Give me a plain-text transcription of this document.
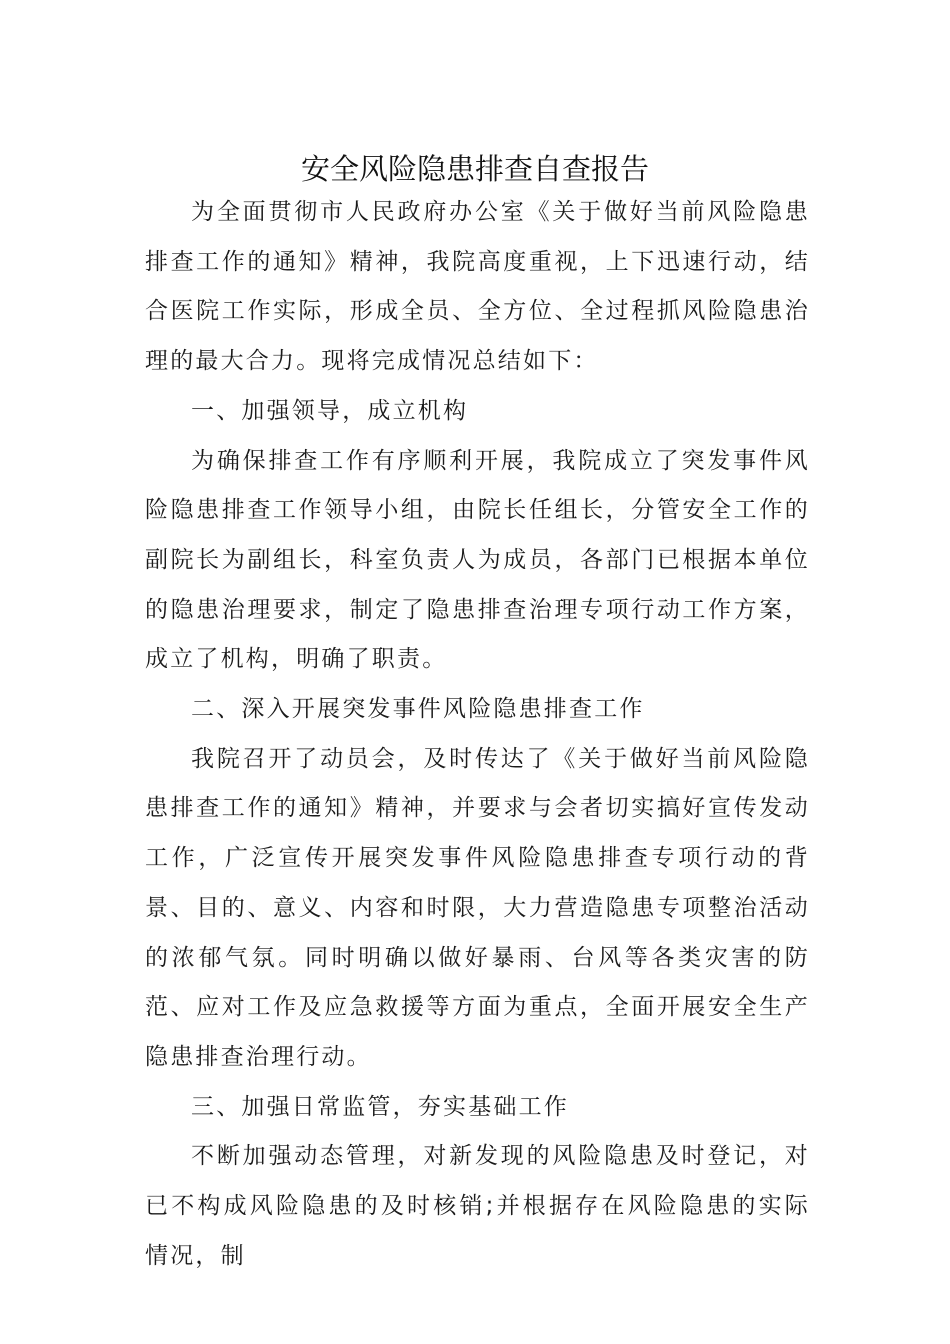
安全风险隐患排查自查报告

为全面贯彻市人民政府办公室《关于做好当前风险隐患排查工作的通知》精神，我院高度重视，上下迅速行动，结合医院工作实际，形成全员、全方位、全过程抓风险隐患治理的最大合力。现将完成情况总结如下：

一、加强领导，成立机构

为确保排查工作有序顺利开展，我院成立了突发事件风险隐患排查工作领导小组，由院长任组长，分管安全工作的副院长为副组长，科室负责人为成员，各部门已根据本单位的隐患治理要求，制定了隐患排查治理专项行动工作方案，成立了机构，明确了职责。

二、深入开展突发事件风险隐患排查工作

我院召开了动员会，及时传达了《关于做好当前风险隐患排查工作的通知》精神，并要求与会者切实搞好宣传发动工作，广泛宣传开展突发事件风险隐患排查专项行动的背景、目的、意义、内容和时限，大力营造隐患专项整治活动的浓郁气氛。同时明确以做好暴雨、台风等各类灾害的防范、应对工作及应急救援等方面为重点，全面开展安全生产隐患排查治理行动。

三、加强日常监管，夯实基础工作

不断加强动态管理，对新发现的风险隐患及时登记，对已不构成风险隐患的及时核销;并根据存在风险隐患的实际情况，制
